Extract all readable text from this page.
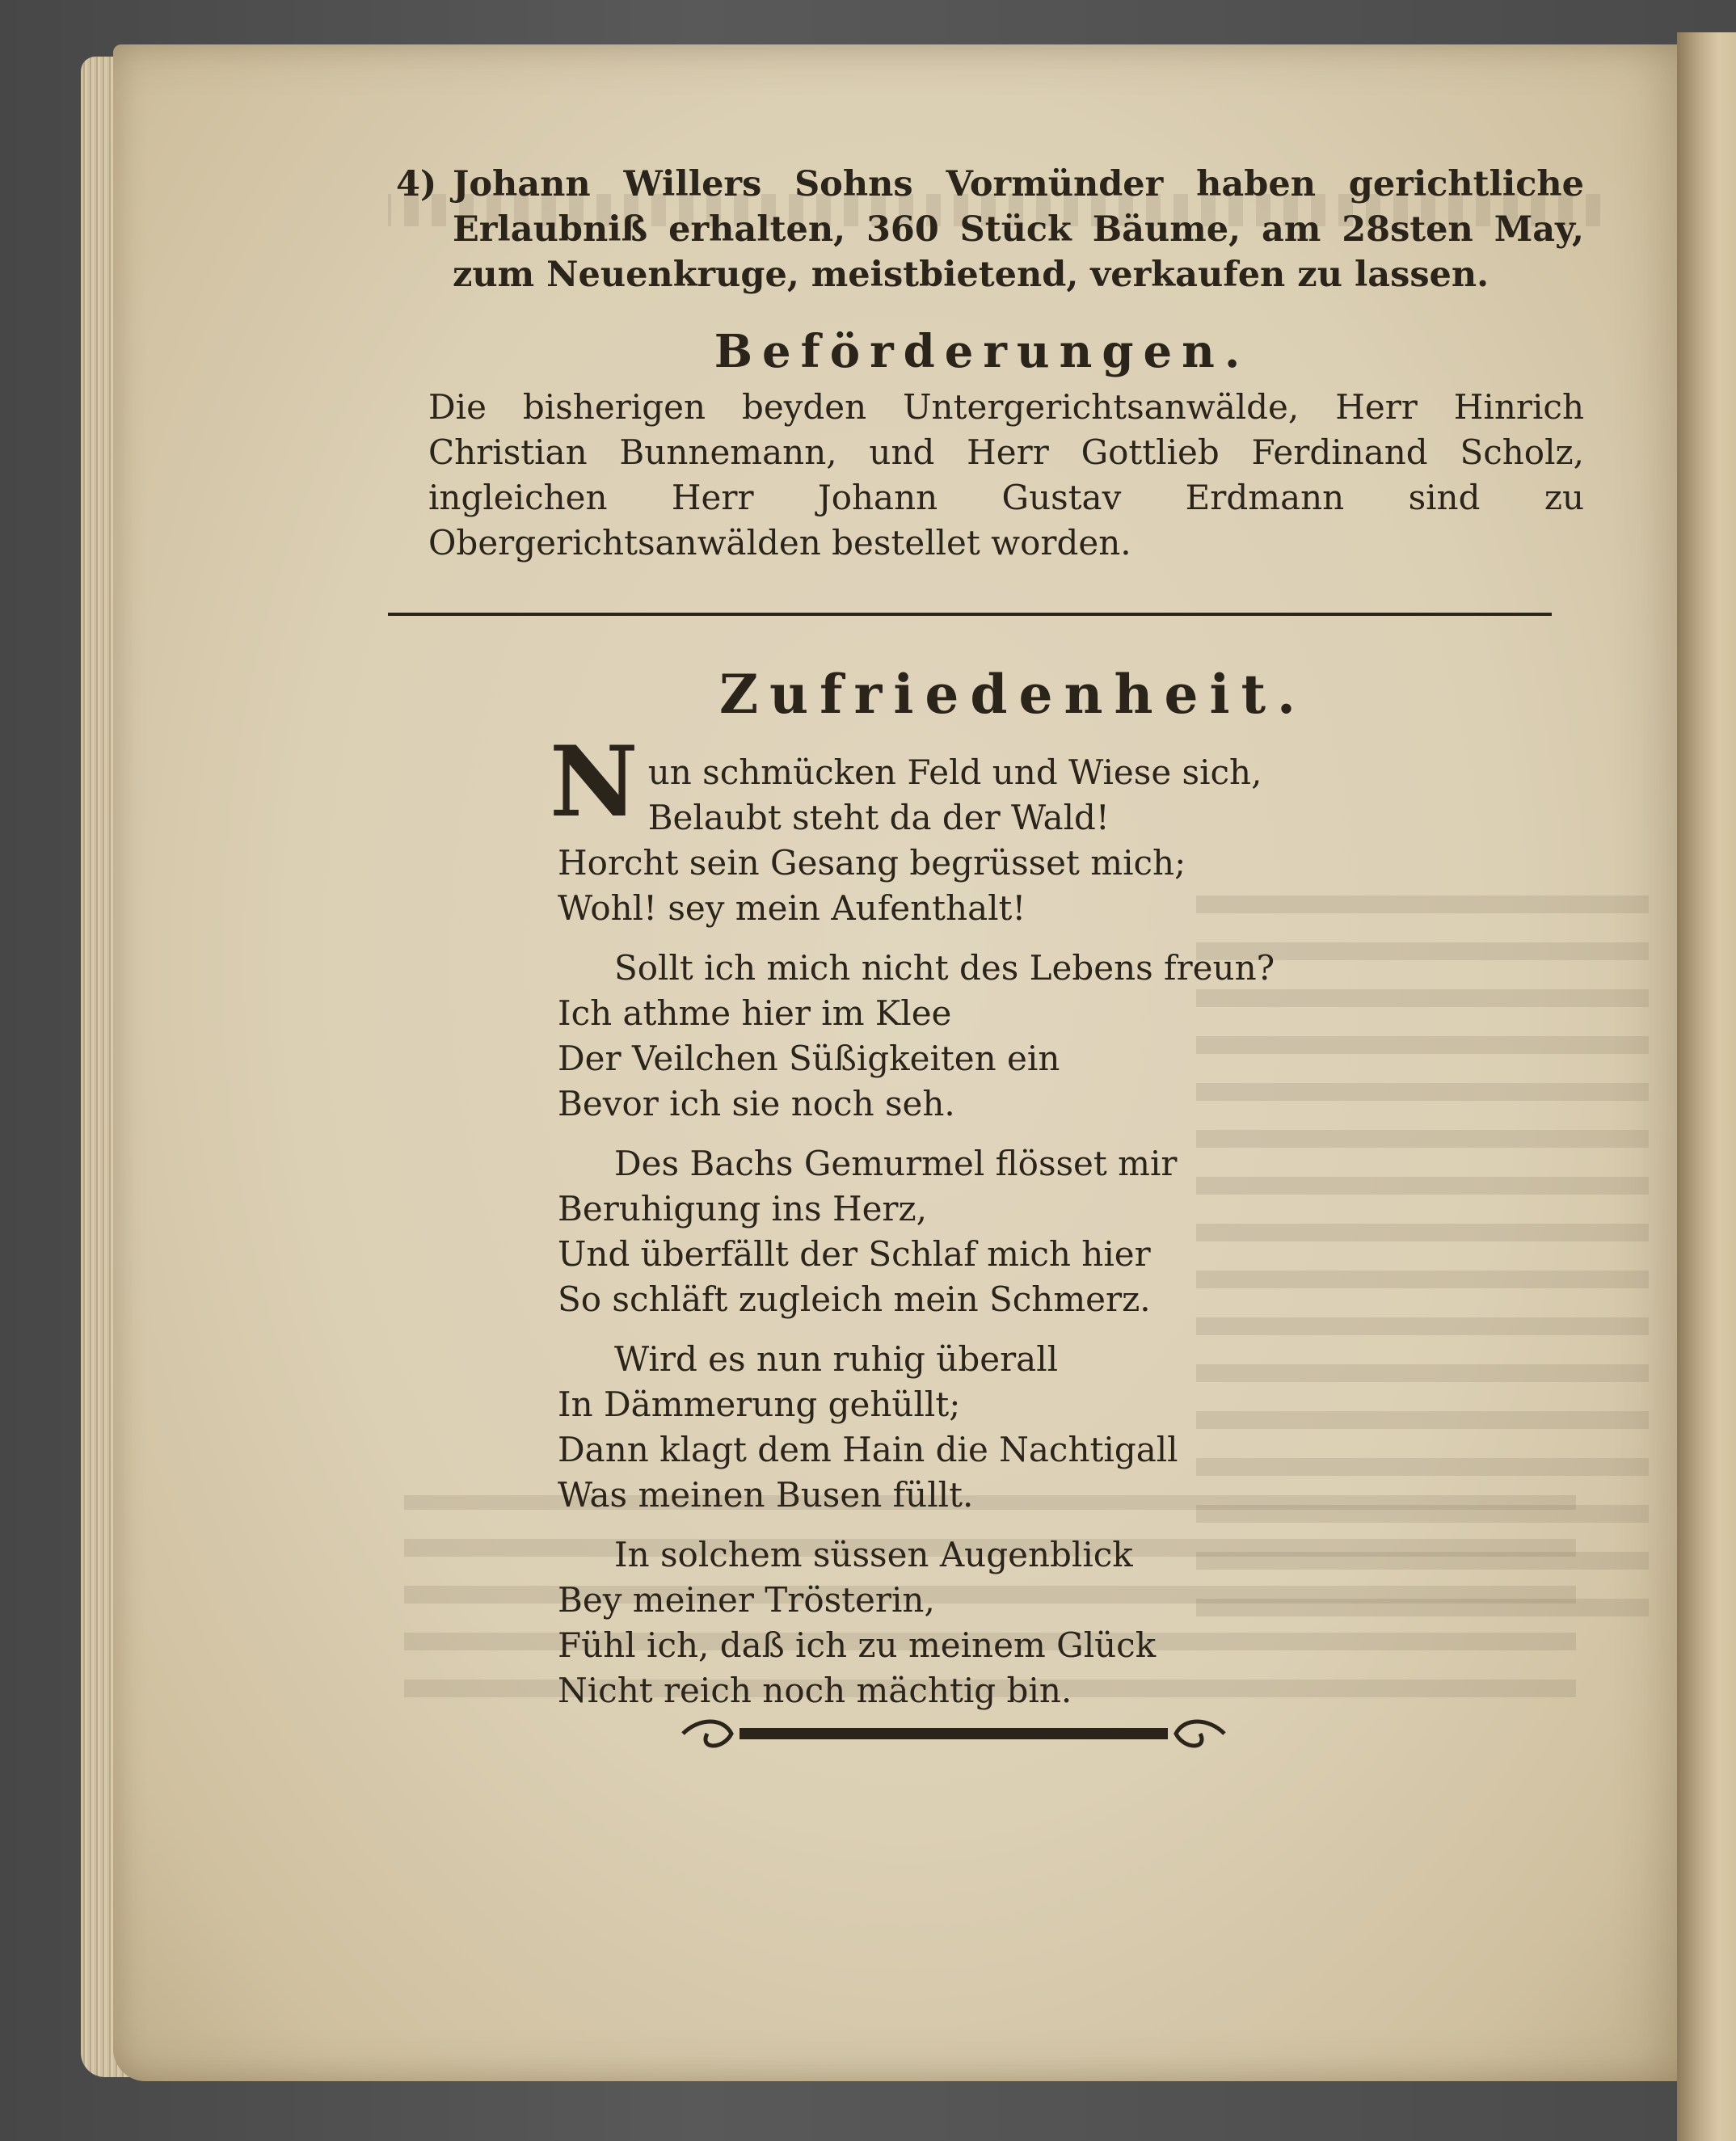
4) Johann Willers Sohns Vormünder haben gerichtliche Erlaubniß erhalten, 360 Stück Bäume, am 28sten May, zum Neuenkruge, meistbietend, verkaufen zu lassen.
Beförderungen.
Die bisherigen beyden Untergerichtsanwälde, Herr Hinrich Christian Bunnemann, und Herr Gottlieb Ferdinand Scholz, ingleichen Herr Johann Gustav Erdmann sind zu Obergerichtsanwälden bestellet worden.
Zufriedenheit.
Nun schmücken Feld und Wiese sich,
Belaubt steht da der Wald!
Horcht sein Gesang begrüsset mich;
Wohl! sey mein Aufenthalt!
Sollt ich mich nicht des Lebens freun?
Ich athme hier im Klee
Der Veilchen Süßigkeiten ein
Bevor ich sie noch seh.
Des Bachs Gemurmel flösset mir
Beruhigung ins Herz,
Und überfällt der Schlaf mich hier
So schläft zugleich mein Schmerz.
Wird es nun ruhig überall
In Dämmerung gehüllt;
Dann klagt dem Hain die Nachtigall
Was meinen Busen füllt.
In solchem süssen Augenblick
Bey meiner Trösterin,
Fühl ich, daß ich zu meinem Glück
Nicht reich noch mächtig bin.
